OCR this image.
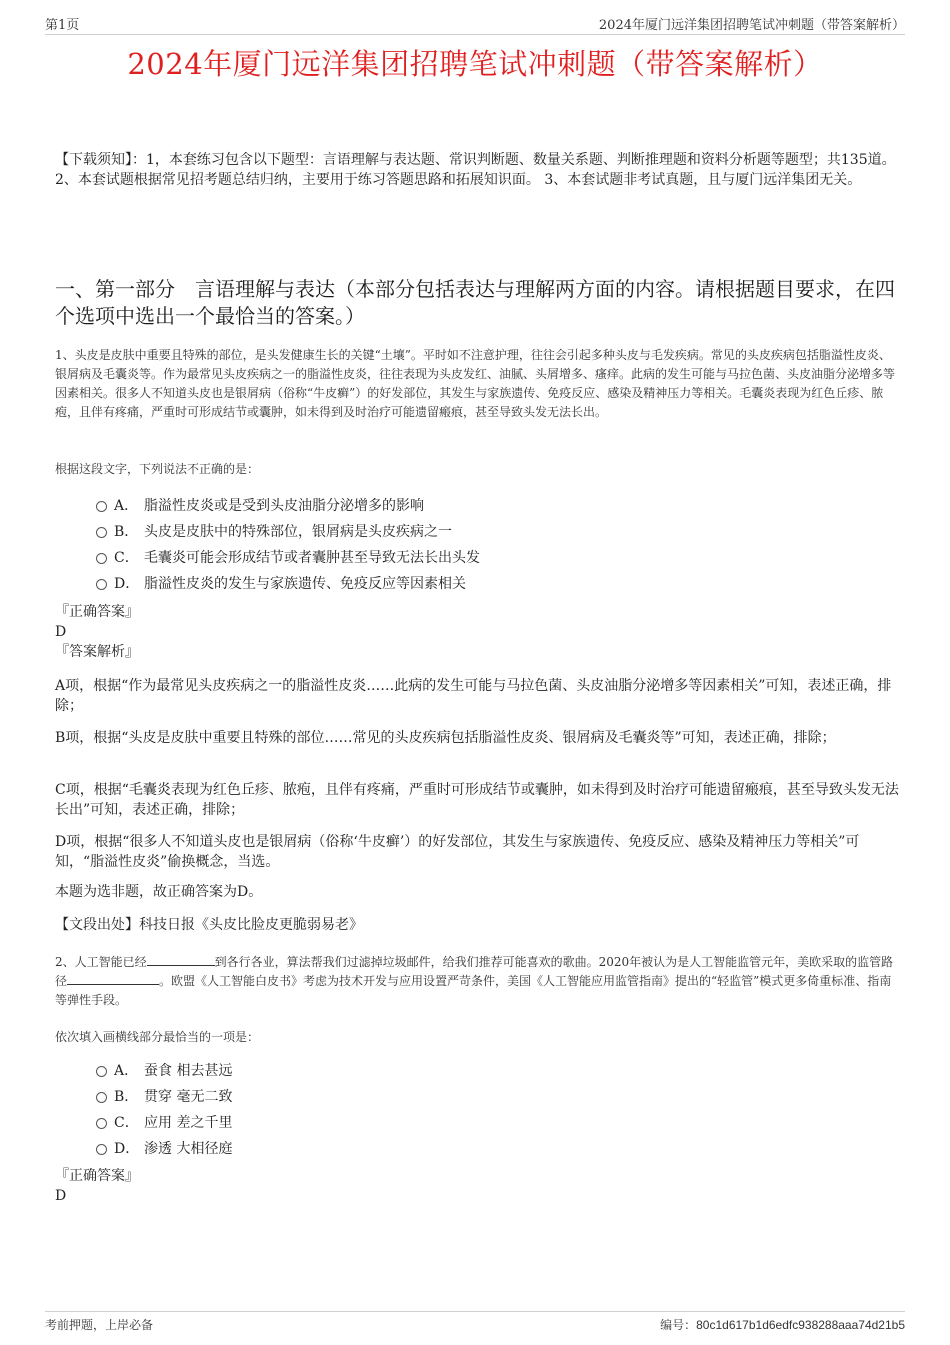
第1页	2024年厦门远洋集团招聘笔试冲刺题（带答案解析）
2024年厦门远洋集团招聘笔试冲刺题（带答案解析）
【下载须知】：1，本套练习包含以下题型：言语理解与表达题、常识判断题、数量关系题、判断推理题和资料分析题等题型；共135道。 2、本套试题根据常见招考题总结归纳，主要用于练习答题思路和拓展知识面。 3、本套试题非考试真题，且与厦门远洋集团无关。
一、第一部分　言语理解与表达（本部分包括表达与理解两方面的内容。请根据题目要求，在四个选项中选出一个最恰当的答案。）
1、头皮是皮肤中重要且特殊的部位，是头发健康生长的关键“土壤”。平时如不注意护理，往往会引起多种头皮与毛发疾病。常见的头皮疾病包括脂溢性皮炎、银屑病及毛囊炎等。作为最常见头皮疾病之一的脂溢性皮炎，往往表现为头皮发红、油腻、头屑增多、瘙痒。此病的发生可能与马拉色菌、头皮油脂分泌增多等因素相关。很多人不知道头皮也是银屑病（俗称“牛皮癣”）的好发部位，其发生与家族遗传、免疫反应、感染及精神压力等相关。毛囊炎表现为红色丘疹、脓疱，且伴有疼痛，严重时可形成结节或囊肿，如未得到及时治疗可能遗留瘢痕，甚至导致头发无法长出。
根据这段文字，下列说法不正确的是：
A． 脂溢性皮炎或是受到头皮油脂分泌增多的影响
B． 头皮是皮肤中的特殊部位，银屑病是头皮疾病之一
C． 毛囊炎可能会形成结节或者囊肿甚至导致无法长出头发
D． 脂溢性皮炎的发生与家族遗传、免疫反应等因素相关
『正确答案』
D
『答案解析』
A项，根据“作为最常见头皮疾病之一的脂溢性皮炎……此病的发生可能与马拉色菌、头皮油脂分泌增多等因素相关”可知，表述正确，排除；
B项，根据“头皮是皮肤中重要且特殊的部位……常见的头皮疾病包括脂溢性皮炎、银屑病及毛囊炎等”可知，表述正确，排除；
C项，根据“毛囊炎表现为红色丘疹、脓疱，且伴有疼痛，严重时可形成结节或囊肿，如未得到及时治疗可能遗留瘢痕，甚至导致头发无法长出”可知，表述正确，排除；
D项，根据“很多人不知道头皮也是银屑病（俗称‘牛皮癣’）的好发部位，其发生与家族遗传、免疫反应、感染及精神压力等相关”可知，“脂溢性皮炎”偷换概念，当选。
本题为选非题，故正确答案为D。
【文段出处】科技日报《头皮比脸皮更脆弱易老》
2、人工智能已经	到各行各业，算法帮我们过滤掉垃圾邮件，给我们推荐可能喜欢的歌曲。2020年被认为是人工智能监管元年，美欧采取的监管路径	。欧盟《人工智能白皮书》考虑为技术开发与应用设置严苛条件，美国《人工智能应用监管指南》提出的“轻监管”模式更多倚重标准、指南等弹性手段。
依次填入画横线部分最恰当的一项是：
A． 蚕食 相去甚远
B． 贯穿 毫无二致
C． 应用 差之千里
D． 渗透 大相径庭
『正确答案』
D
考前押题，上岸必备	编号：80c1d617b1d6edfc938288aaa74d21b5
